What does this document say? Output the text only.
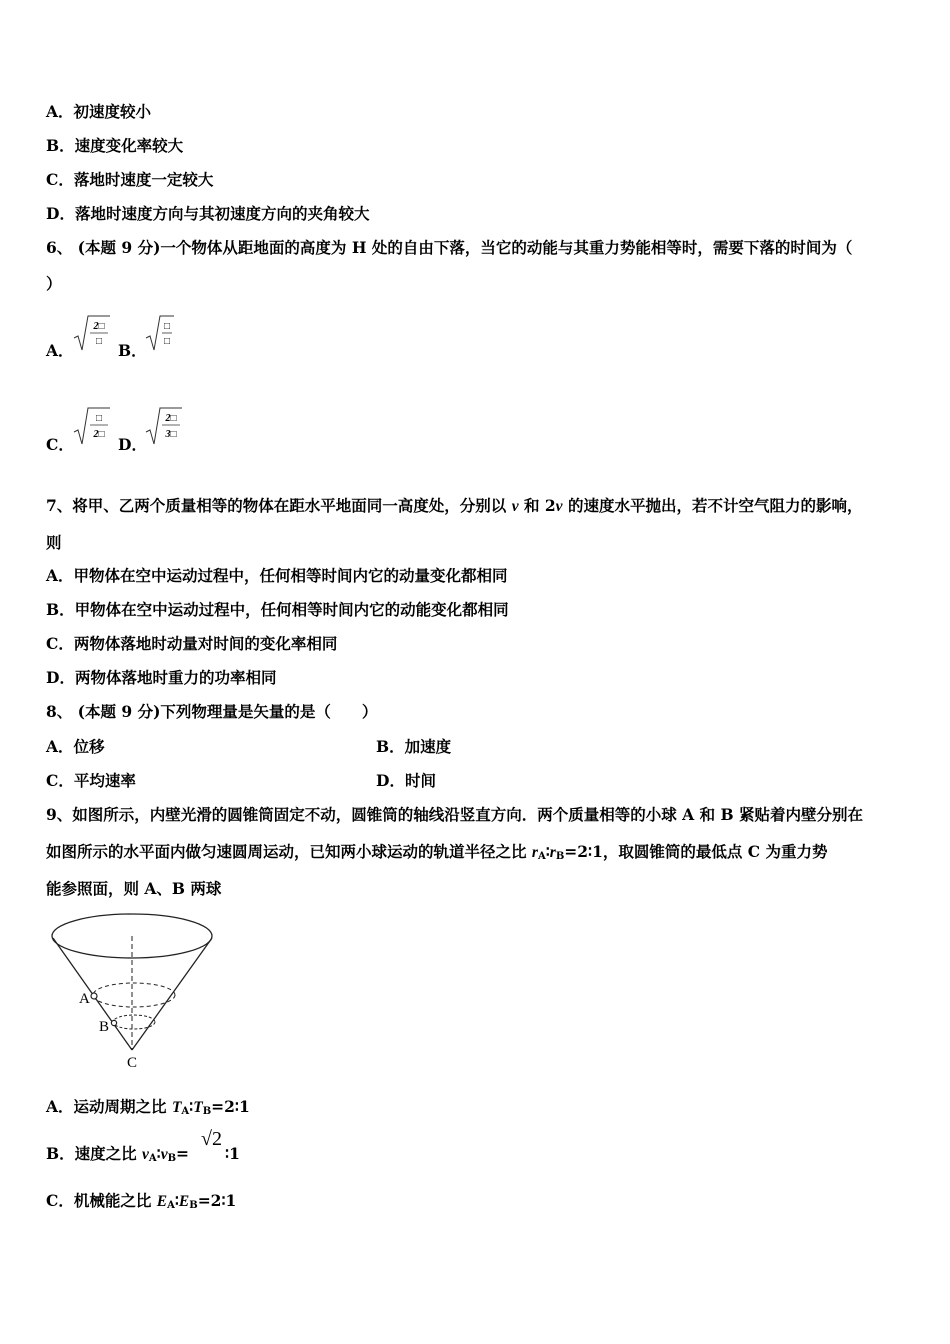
A．初速度较小
B．速度变化率较大
C．落地时速度一定较大
D．落地时速度方向与其初速度方向的夹角较大
6、 (本题 9 分)一个物体从距地面的高度为 H 处的自由下落，当它的动能与其重力势能相等时，需要下落的时间为（
）
A．
2□
□ B．
□
□
C．
□
2□
D．
2□
3□
7、将甲、乙两个质量相等的物体在距水平地面同一高度处，分别以 v 和 2v 的速度水平抛出，若不计空气阻力的影响，
则
A．甲物体在空中运动过程中，任何相等时间内它的动量变化都相同
B．甲物体在空中运动过程中，任何相等时间内它的动能变化都相同
C．两物体落地时动量对时间的变化率相同
D．两物体落地时重力的功率相同
8、 (本题 9 分)下列物理量是矢量的是（　　）
A．位移	B．加速度
C．平均速率	D．时间
9、如图所示，内壁光滑的圆锥筒固定不动，圆锥筒的轴线沿竖直方向．两个质量相等的小球 A 和 B 紧贴着内壁分别在
如图所示的水平面内做匀速圆周运动，已知两小球运动的轨道半径之比 $r_A∶r_B=2∶1$，取圆锥筒的最低点 C 为重力势
能参照面，则 A、B 两球
A
B
C
A．运动周期之比 $T_A∶T_B=2∶1$
B．速度之比 $v_A∶v_B=$ ∶1
√2
C．机械能之比 $E_A∶E_B=2∶1$
